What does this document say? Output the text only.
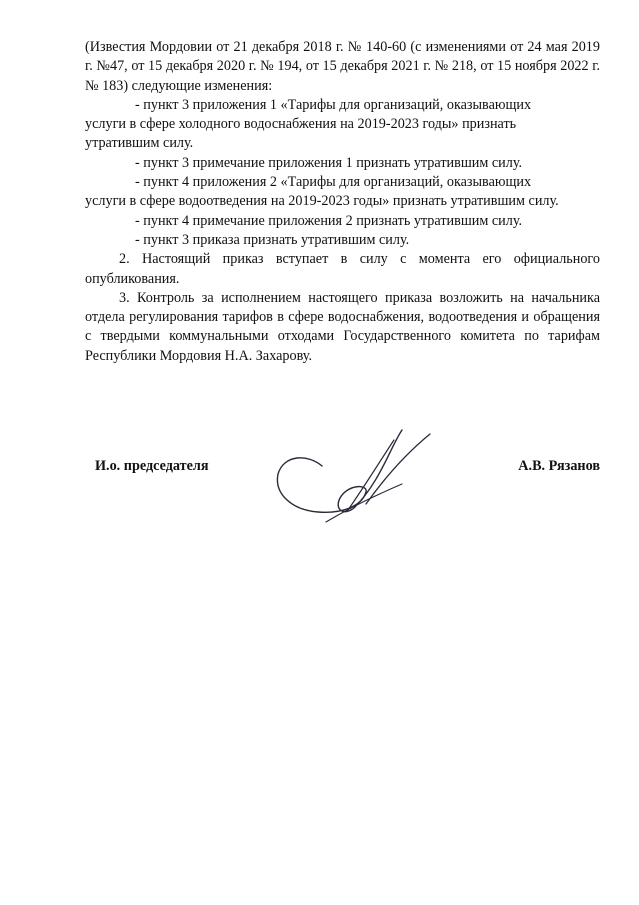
(Известия Мордовии от 21 декабря 2018 г. № 140-60 (с изменениями от 24 мая 2019 г. №47, от 15 декабря 2020 г. № 194, от 15 декабря 2021 г. № 218, от 15 ноября 2022 г. № 183) следующие изменения:

- пункт 3 приложения 1 «Тарифы для организаций, оказывающих услуги в сфере холодного водоснабжения на 2019-2023 годы» признать утратившим силу.

- пункт 3 примечание приложения 1 признать утратившим силу.

- пункт 4 приложения 2 «Тарифы для организаций, оказывающих услуги в сфере водоотведения на 2019-2023 годы» признать утратившим силу.

- пункт 4 примечание приложения 2 признать утратившим силу.

- пункт 3 приказа признать утратившим силу.

2. Настоящий приказ вступает в силу с момента его официального опубликования.

3. Контроль за исполнением настоящего приказа возложить на начальника отдела регулирования тарифов в сфере водоснабжения, водоотведения и обращения с твердыми коммунальными отходами Государственного комитета по тарифам Республики Мордовия Н.А. Захарову.

И.о. председателя	А.В. Рязанов
